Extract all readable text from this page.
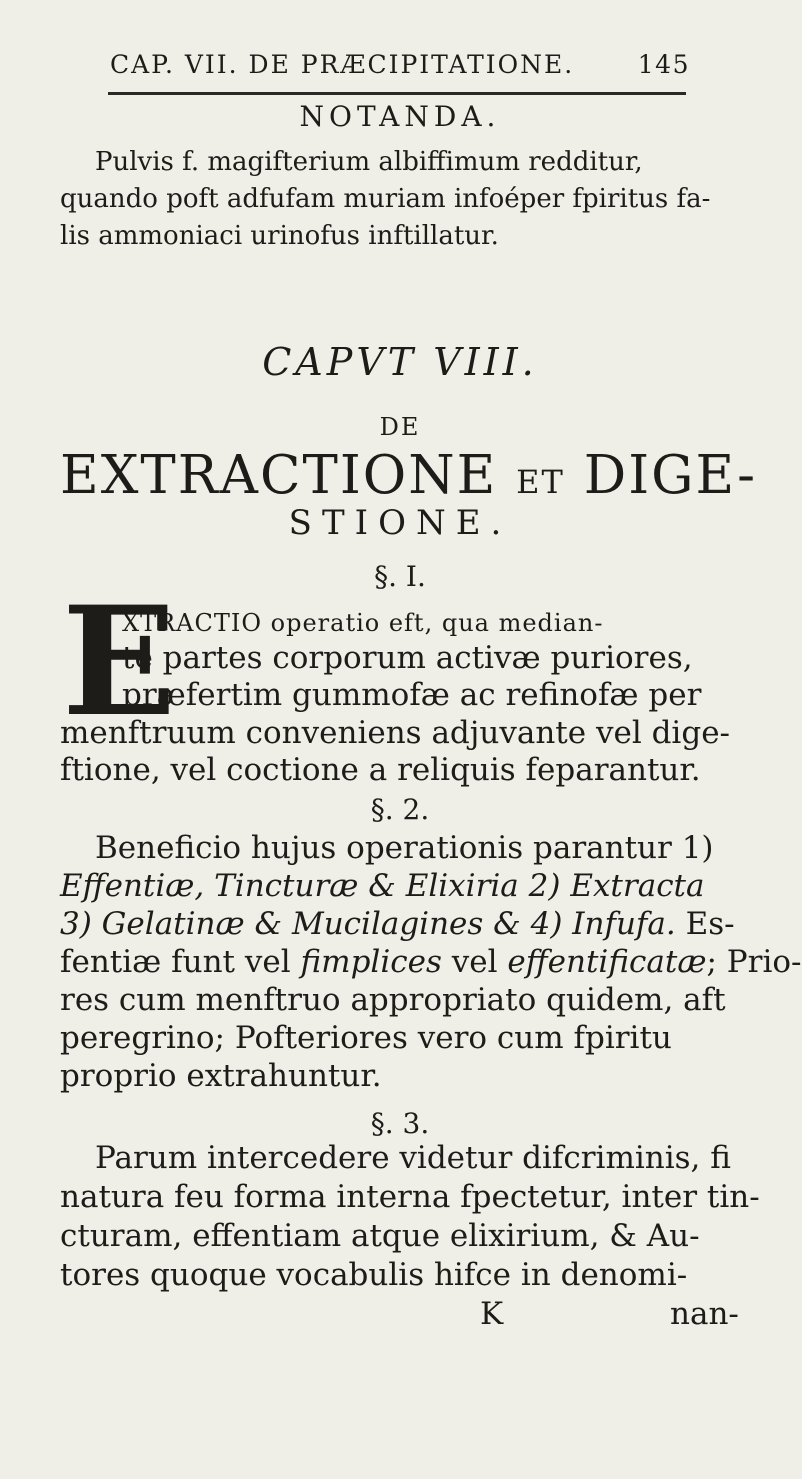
CAP. VII. DE PRÆCIPITATIONE.	145
NOTANDA.
Pulvis f. magifterium albiffimum redditur,
quando poft adfufam muriam infoéper fpiritus fa-
lis ammoniaci urinofus inftillatur.
CAPVT VIII.
DE
EXTRACTIONE ET DIGE-
STIONE.
§. I.
E
XTRACTIO operatio eft, qua median-
te partes corporum activæ puriores,
præfertim gummofæ ac refinofæ per
menftruum conveniens adjuvante vel dige-
ftione, vel coctione a reliquis feparantur.
§. 2.
Beneficio hujus operationis parantur 1)
Effentiæ, Tincturæ & Elixiria 2) Extracta
3) Gelatinæ & Mucilagines & 4) Infufa. Es-
fentiæ funt vel fimplices vel effentificatæ; Prio-
res cum menftruo appropriato quidem, aft
peregrino; Pofteriores vero cum fpiritu
proprio extrahuntur.
§. 3.
Parum intercedere videtur difcriminis, fi
natura feu forma interna fpectetur, inter tin-
cturam, effentiam atque elixirium, & Au-
tores quoque vocabulis hifce in denomi-
K	nan-
